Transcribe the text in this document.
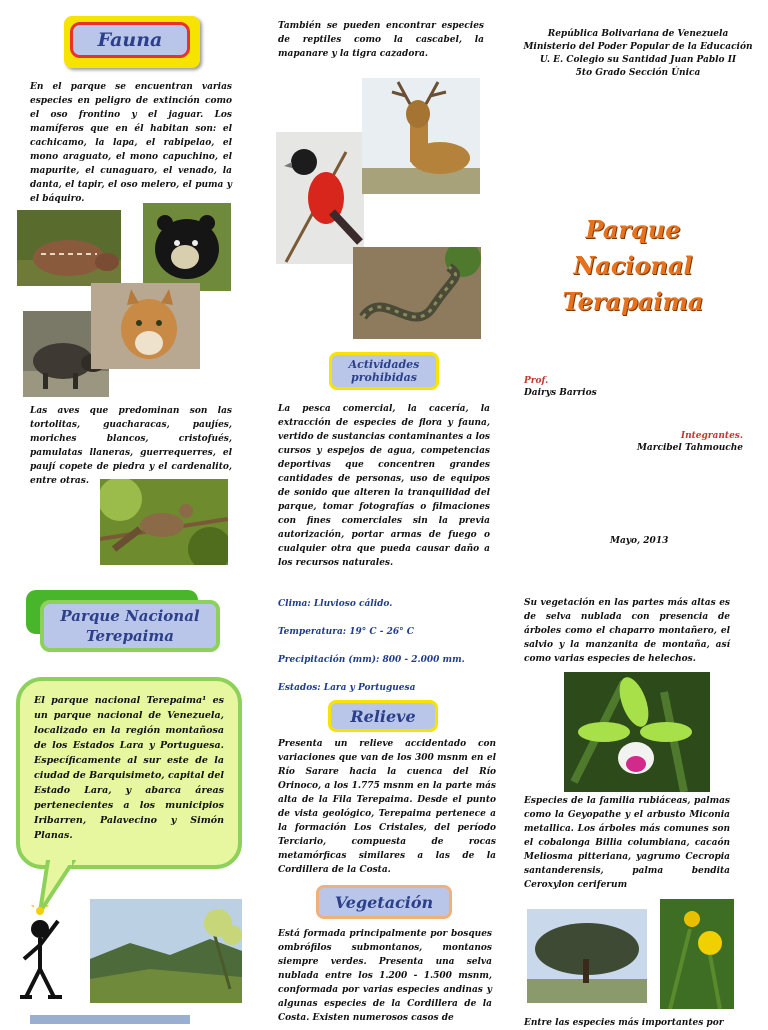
Fauna
En el parque se encuentran varias especies en peligro de extinción como el oso frontino y el jaguar. Los mamíferos que en él habitan son: el cachicamo, la lapa, el rabipelao, el mono araguato, el mono capuchino, el mapurite, el cunaguaro, el venado, la danta, el tapir, el oso melero, el puma y el báquiro.
Las aves que predominan son las tortolitas, guacharacas, paujíes, moriches blancos, cristofués, pamulatas llaneras, guerrequerres, el paují copete de piedra y el cardenalito, entre otras.
También se pueden encontrar especies de reptiles como la cascabel, la mapanare y la tigra cazadora.
Actividades prohibidas
La pesca comercial, la cacería, la extracción de especies de flora y fauna, vertido de sustancias contaminantes a los cursos y espejos de agua, competencias deportivas que concentren grandes cantidades de personas, uso de equipos de sonido que alteren la tranquilidad del parque, tomar fotografías o filmaciones con fines comerciales sin la previa autorización, portar armas de fuego o cualquier otra que pueda causar daño a los recursos naturales.
República Bolivariana de Venezuela
Ministerio del Poder Popular de la Educación
U. E. Colegio su Santidad Juan Pablo II
5to Grado Sección Única
Parque
Nacional
Terapaima
Prof.
Dairys Barrios
Integrantes.
Marcibel Tahmouche
Mayo, 2013
Parque Nacional
Terepaima
El parque nacional Terepaima¹ es un parque nacional de Venezuela, localizado en la región montañosa de los Estados Lara y Portuguesa. Específicamente al sur este de la ciudad de Barquisimeto, capital del Estado Lara, y abarca áreas pertenecientes a los municipios Iribarren, Palavecino y Simón Planas.
Clima: Lluvioso cálido.
Temperatura: 19° C - 26° C
Precipitación (mm): 800 - 2.000 mm.
Estados: Lara y Portuguesa
Relieve
Presenta un relieve accidentado con variaciones que van de los 300 msnm en el Río Sarare hacia la cuenca del Río Orinoco, a los 1.775 msnm en la parte más alta de la Fila Terepaima. Desde el punto de vista geológico, Terepaima pertenece a la formación Los Cristales, del período Terciario, compuesta de rocas metamórficas similares a las de la Cordillera de la Costa.
Vegetación
Está formada principalmente por bosques ombrófilos submontanos, montanos siempre verdes. Presenta una selva nublada entre los 1.200 - 1.500 msnm, conformada por varias especies andinas y algunas especies de la Cordillera de la Costa. Existen numerosos casos de
Su vegetación en las partes más altas es de selva nublada con presencia de árboles como el chaparro montañero, el salvio y la manzanita de montaña, así como varias especies de helechos.
Especies de la familia rubiáceas, palmas como la Geyopathe y el arbusto Miconia metallica. Los árboles más comunes son el cobalonga Billia columbiana, cacaón Meliosma pitteriana, yagrumo Cecropia santanderensis, palma bendita Ceroxylon ceriferum
Entre las especies más importantes por
